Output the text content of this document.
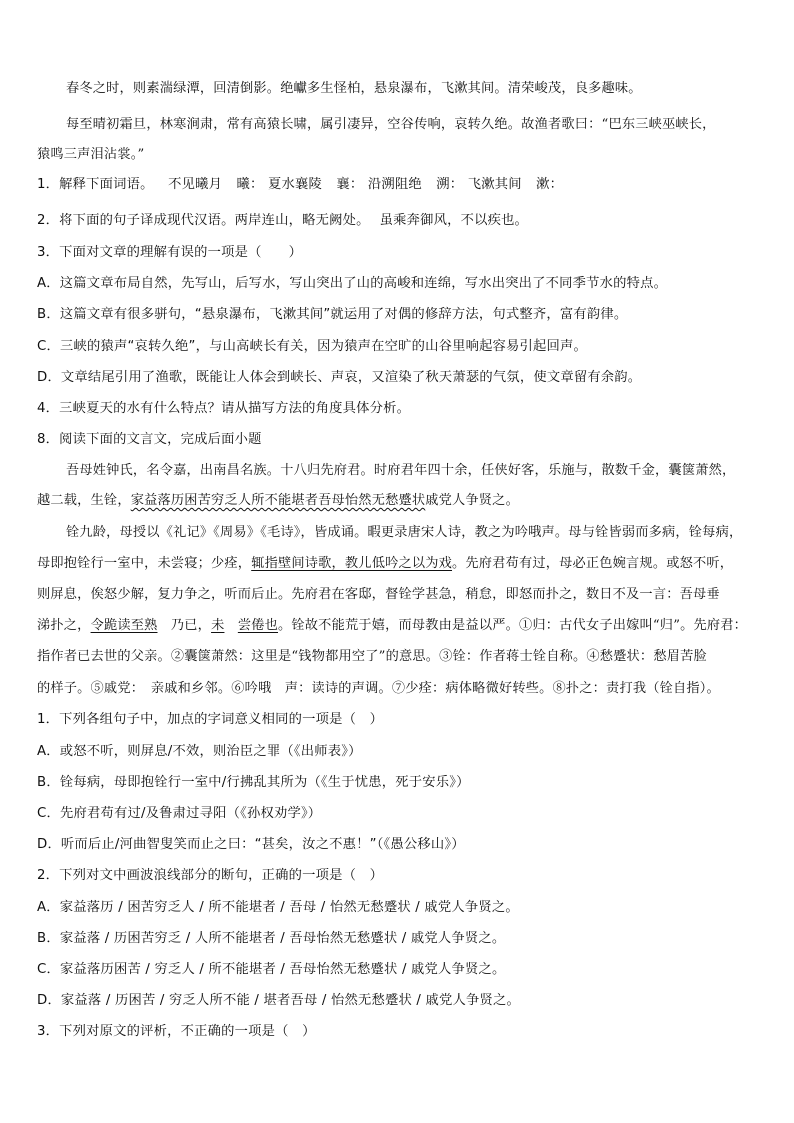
春冬之时，则素湍绿潭，回清倒影。绝巘多生怪柏，悬泉瀑布，飞漱其间。清荣峻茂，良多趣味。
每至晴初霜旦，林寒涧肃，常有高猿长啸，属引凄异，空谷传响，哀转久绝。故渔者歌曰：“巴东三峡巫峡长，
猿鸣三声泪沾裳。”
1．解释下面词语。 不见曦月 曦： 夏水襄陵 襄： 沿溯阻绝 溯： 飞漱其间 漱：
2．将下面的句子译成现代汉语。两岸连山，略无阙处。 虽乘奔御风，不以疾也。
3．下面对文章的理解有误的一项是（　　）
A．这篇文章布局自然，先写山，后写水，写山突出了山的高峻和连绵，写水出突出了不同季节水的特点。
B．这篇文章有很多骈句，“悬泉瀑布，飞漱其间”就运用了对偶的修辞方法，句式整齐，富有韵律。
C．三峡的猿声“哀转久绝”，与山高峡长有关，因为猿声在空旷的山谷里响起容易引起回声。
D．文章结尾引用了渔歌，既能让人体会到峡长、声哀，又渲染了秋天萧瑟的气氛，使文章留有余韵。
4．三峡夏天的水有什么特点？请从描写方法的角度具体分析。
8．阅读下面的文言文，完成后面小题
吾母姓钟氏，名令嘉，出南昌名族。十八归先府君。时府君年四十余，任侠好客，乐施与，散数千金，囊箧萧然，
越二载，生铨，家益落历困苦穷乏人所不能堪者吾母怡然无愁蹙状戚党人争贤之。
铨九龄，母授以《礼记》《周易》《毛诗》，皆成诵。暇更录唐宋人诗，教之为吟哦声。母与铨皆弱而多病，铨每病，
母即抱铨行一室中，未尝寝；少痊，辄指壁间诗歌，教儿低吟之以为戏。先府君苟有过，母必正色婉言规。或怒不听，
则屏息，俟怒少解，复力争之，听而后止。先府君在客邸，督铨学甚急，稍怠，即怒而扑之，数日不及一言：吾母垂
涕扑之，令跪读至熟　 乃已，未　 尝倦也。铨故不能荒于嬉，而母教由是益以严。①归：古代女子出嫁叫“归”。先府君：
指作者已去世的父亲。②囊箧萧然：这里是“钱物都用空了”的意思。③铨：作者蒋士铨自称。④愁蹙状：愁眉苦脸
的样子。⑤戚党：　亲戚和乡邻。⑥吟哦　声：读诗的声调。⑦少痊：病体略微好转些。⑧扑之：责打我（铨自指）。
1．下列各组句子中，加点的字词意义相同的一项是（　）
A．或怒不听，则屏息/不效，则治臣之罪（《出师表》）
B．铨每病，母即抱铨行一室中/行拂乱其所为（《生于忧患，死于安乐》）
C．先府君苟有过/及鲁肃过寻阳（《孙权劝学》）
D．听而后止/河曲智叟笑而止之曰：“甚矣，汝之不惠！”（《愚公移山》）
2．下列对文中画波浪线部分的断句，正确的一项是（　）
A．家益落历 / 困苦穷乏人 / 所不能堪者 / 吾母 / 怡然无愁蹙状 / 戚党人争贤之。
B．家益落 / 历困苦穷乏 / 人所不能堪者 / 吾母怡然无愁蹙状 / 戚党人争贤之。
C．家益落历困苦 / 穷乏人 / 所不能堪者 / 吾母怡然无愁蹙状 / 戚党人争贤之。
D．家益落 / 历困苦 / 穷乏人所不能 / 堪者吾母 / 怡然无愁蹙状 / 戚党人争贤之。
3．下列对原文的评析，不正确的一项是（　）
